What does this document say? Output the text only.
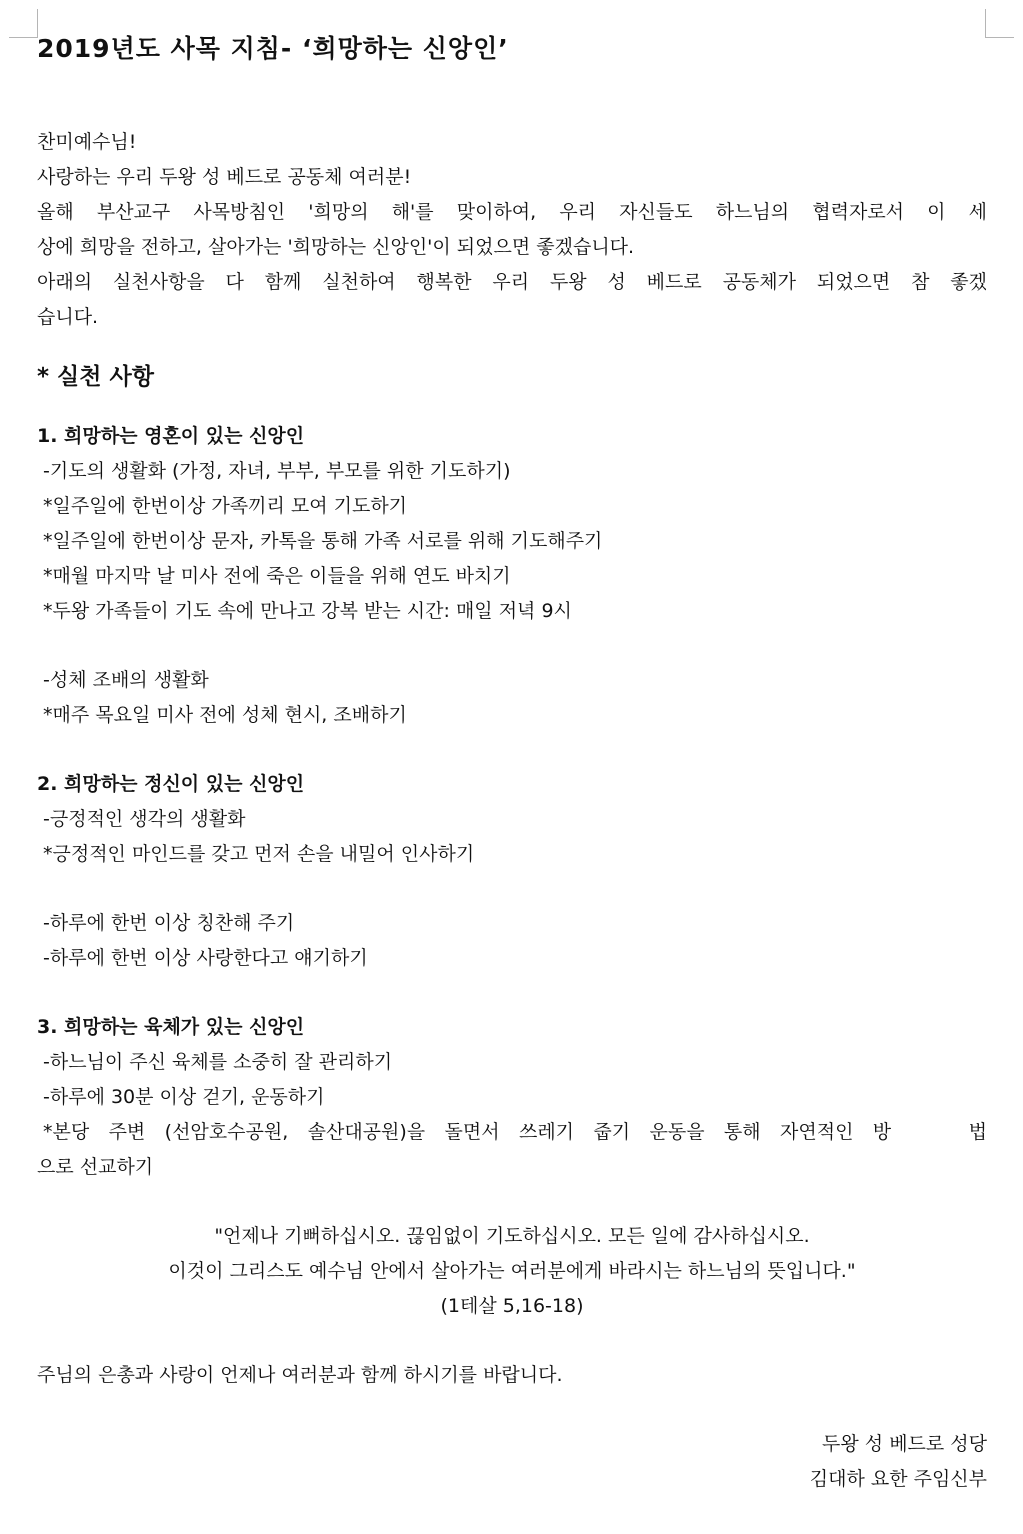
2019년도 사목 지침- ‘희망하는 신앙인’
찬미예수님!
사랑하는 우리 두왕 성 베드로 공동체 여러분!
올해 부산교구 사목방침인 '희망의 해'를 맞이하여, 우리 자신들도 하느님의 협력자로서 이 세
상에 희망을 전하고, 살아가는 '희망하는 신앙인'이 되었으면 좋겠습니다.
아래의 실천사항을 다 함께 실천하여 행복한 우리 두왕 성 베드로 공동체가 되었으면 참 좋겠
습니다.
* 실천 사항
1. 희망하는 영혼이 있는 신앙인
-기도의 생활화 (가정, 자녀, 부부, 부모를 위한 기도하기)
*일주일에 한번이상 가족끼리 모여 기도하기
*일주일에 한번이상 문자, 카톡을 통해 가족 서로를 위해 기도해주기
*매월 마지막 날 미사 전에 죽은 이들을 위해 연도 바치기
*두왕 가족들이 기도 속에 만나고 강복 받는 시간: 매일 저녁 9시
-성체 조배의 생활화
*매주 목요일 미사 전에 성체 현시, 조배하기
2. 희망하는 정신이 있는 신앙인
-긍정적인 생각의 생활화
*긍정적인 마인드를 갖고 먼저 손을 내밀어 인사하기
-하루에 한번 이상 칭찬해 주기
-하루에 한번 이상 사랑한다고 얘기하기
3. 희망하는 육체가 있는 신앙인
-하느님이 주신 육체를 소중히 잘 관리하기
-하루에 30분 이상 걷기, 운동하기
*본당 주변 (선암호수공원, 솔산대공원)을 돌면서 쓰레기 줍기 운동을 통해 자연적인 방    법
으로 선교하기
"언제나 기뻐하십시오. 끊임없이 기도하십시오. 모든 일에 감사하십시오.
이것이 그리스도 예수님 안에서 살아가는 여러분에게 바라시는 하느님의 뜻입니다."
(1테살 5,16-18)
주님의 은총과 사랑이 언제나 여러분과 함께 하시기를 바랍니다.
두왕 성 베드로 성당
김대하 요한 주임신부
